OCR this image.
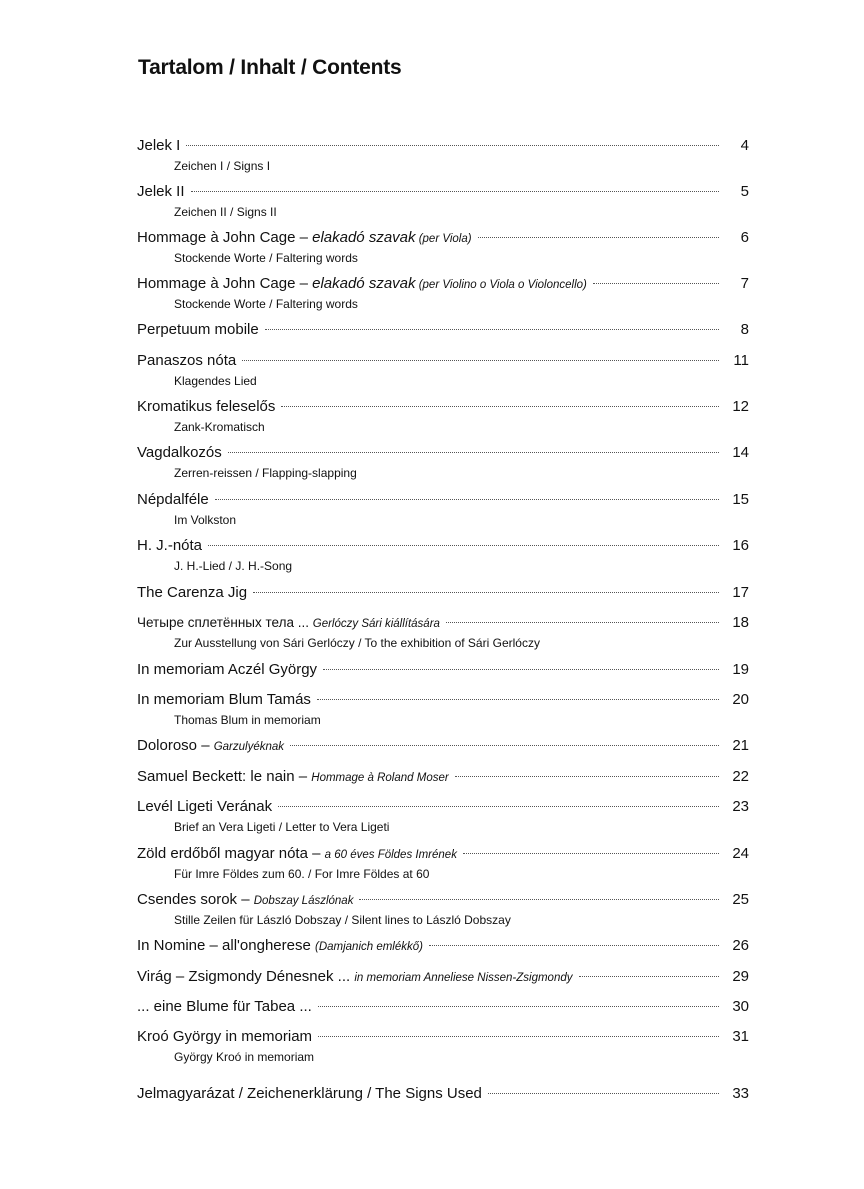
Tartalom / Inhalt / Contents
Jelek I	4
Zeichen I / Signs I
Jelek II	5
Zeichen II / Signs II
Hommage à John Cage – elakadó szavak (per Viola)	6
Stockende Worte / Faltering words
Hommage à John Cage – elakadó szavak (per Violino o Viola o Violoncello)	7
Stockende Worte / Faltering words
Perpetuum mobile	8
Panaszos nóta	11
Klagendes Lied
Kromatikus feleselős	12
Zank-Kromatisch
Vagdalkozós	14
Zerren-reissen / Flapping-slapping
Népdalféle	15
Im Volkston
H. J.-nóta	16
J. H.-Lied / J. H.-Song
The Carenza Jig	17
Четыре сплетённых тела ... Gerlóczy Sári kiállítására	18
Zur Ausstellung von Sári Gerlóczy / To the exhibition of Sári Gerlóczy
In memoriam Aczél György	19
In memoriam Blum Tamás	20
Thomas Blum in memoriam
Doloroso – Garzulyéknak	21
Samuel Beckett: le nain – Hommage à Roland Moser	22
Levél Ligeti Verának	23
Brief an Vera Ligeti / Letter to Vera Ligeti
Zöld erdőből magyar nóta – a 60 éves Földes Imrének	24
Für Imre Földes zum 60. / For Imre Földes at 60
Csendes sorok – Dobszay Lászlónak	25
Stille Zeilen für László Dobszay / Silent lines to László Dobszay
In Nomine – all'ongherese (Damjanich emlékkő)	26
Virág – Zsigmondy Dénesnek ... in memoriam Anneliese Nissen-Zsigmondy	29
... eine Blume für Tabea ...	30
Kroó György in memoriam	31
György Kroó in memoriam
Jelmagyarázat / Zeichenerklärung / The Signs Used	33
